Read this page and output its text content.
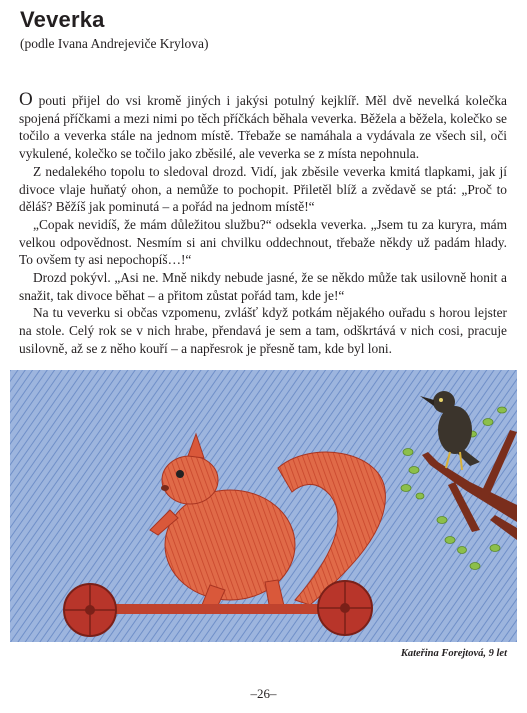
Veverka
(podle Ivana Andrejeviče Krylova)

O pouti přijel do vsi kromě jiných i jakýsi potulný kejklíř. Měl dvě nevelká kolečka spojená příčkami a mezi nimi po těch příčkách běhala veverka. Běžela a běžela, kolečko se točilo a veverka stále na jednom místě. Třebaže se namáhala a vydávala ze všech sil, oči vykulené, kolečko se točilo jako zběsilé, ale veverka se z místa nepohnula.

Z nedalekého topolu to sledoval drozd. Vidí, jak zběsile veverka kmitá tlapkami, jak jí divoce vlaje huňatý ohon, a nemůže to pochopit. Přiletěl blíž a zvědavě se ptá: „Proč to děláš? Běžíš jak pominutá – a pořád na jednom místě!“

„Copak nevidíš, že mám důležitou službu?“ odsekla veverka. „Jsem tu za kuryra, mám velkou odpovědnost. Nesmím si ani chvilku oddechnout, třebaže někdy už padám hlady. To ovšem ty asi nepochopíš…!“

Drozd pokývl. „Asi ne. Mně nikdy nebude jasné, že se někdo může tak usilovně honit a snažit, tak divoce běhat – a přitom zůstat pořád tam, kde je!“

Na tu veverku si občas vzpomenu, zvlášť když potkám nějakého ouřadu s horou lejster na stole. Celý rok se v nich hrabe, přendavá je sem a tam, odškrtává v nich cosi, pracuje usilovně, až se z něho kouří – a napřesrok je přesně tam, kde byl loni.

Kateřina Forejtová, 9 let
–26–
